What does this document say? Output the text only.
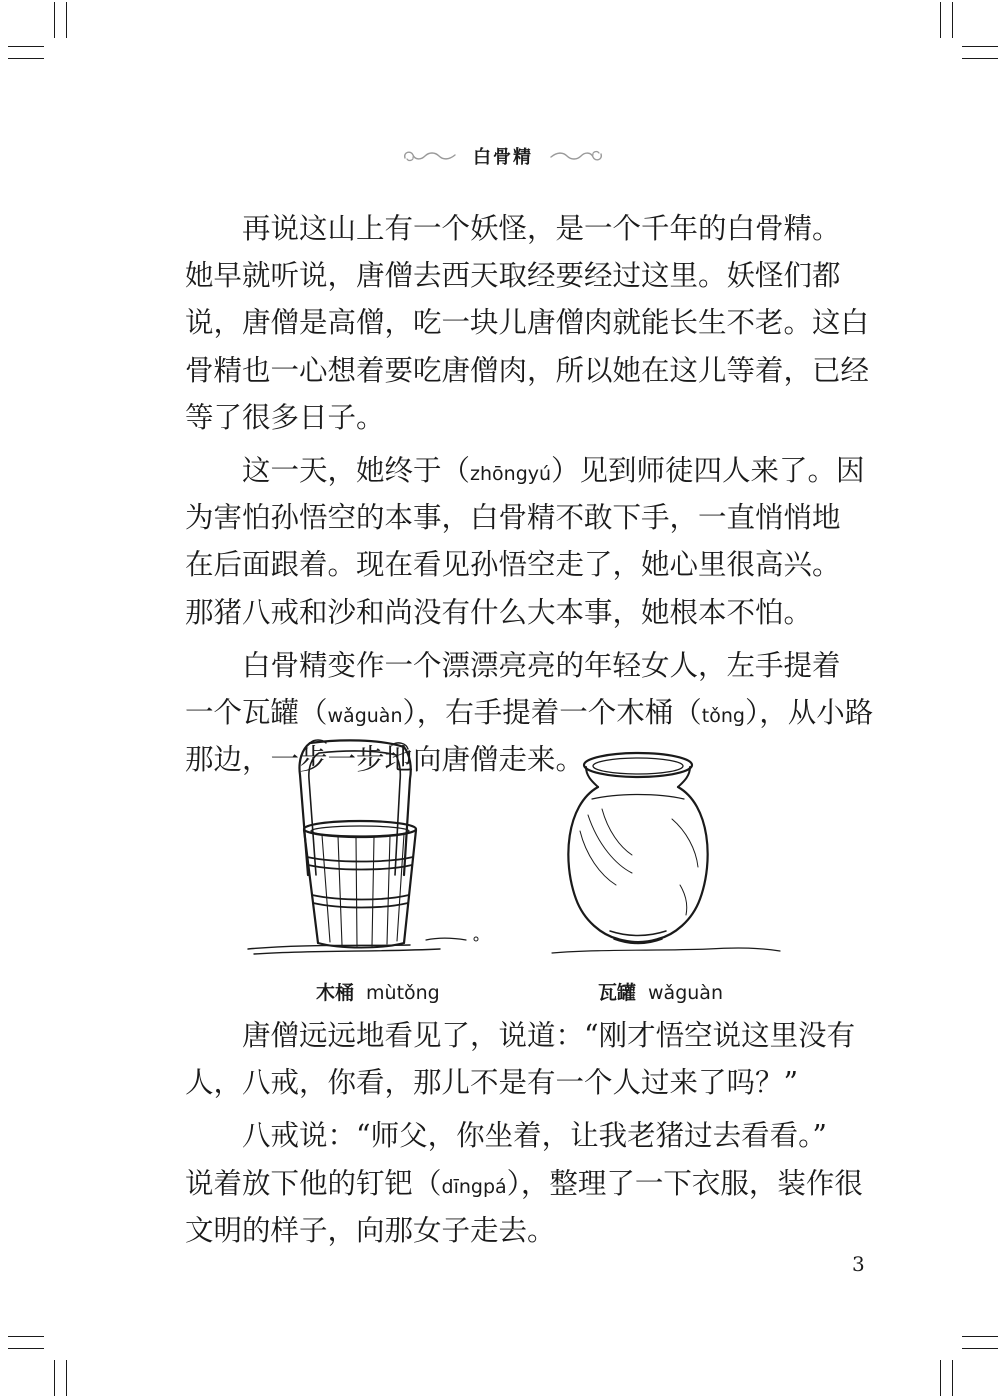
白骨精
再说这山上有一个妖怪，是一个千年的白骨精。
她早就听说，唐僧去西天取经要经过这里。妖怪们都
说，唐僧是高僧，吃一块儿唐僧肉就能长生不老。这白
骨精也一心想着要吃唐僧肉，所以她在这儿等着，已经
等了很多日子。
这一天，她终于（zhōngyú）见到师徒四人来了。因
为害怕孙悟空的本事，白骨精不敢下手，一直悄悄地
在后面跟着。现在看见孙悟空走了，她心里很高兴。
那猪八戒和沙和尚没有什么大本事，她根本不怕。
白骨精变作一个漂漂亮亮的年轻女人，左手提着
一个瓦罐（wǎguàn），右手提着一个木桶（tǒng），从小路
那边，一步一步地向唐僧走来。
唐僧远远地看见了，说道：“刚才悟空说这里没有
人，八戒，你看，那儿不是有一个人过来了吗？”
八戒说：“师父，你坐着，让我老猪过去看看。”
说着放下他的钉钯（dīngpá），整理了一下衣服，装作很
文明的样子，向那女子走去。
木桶 mùtǒng	瓦罐 wǎguàn
3
